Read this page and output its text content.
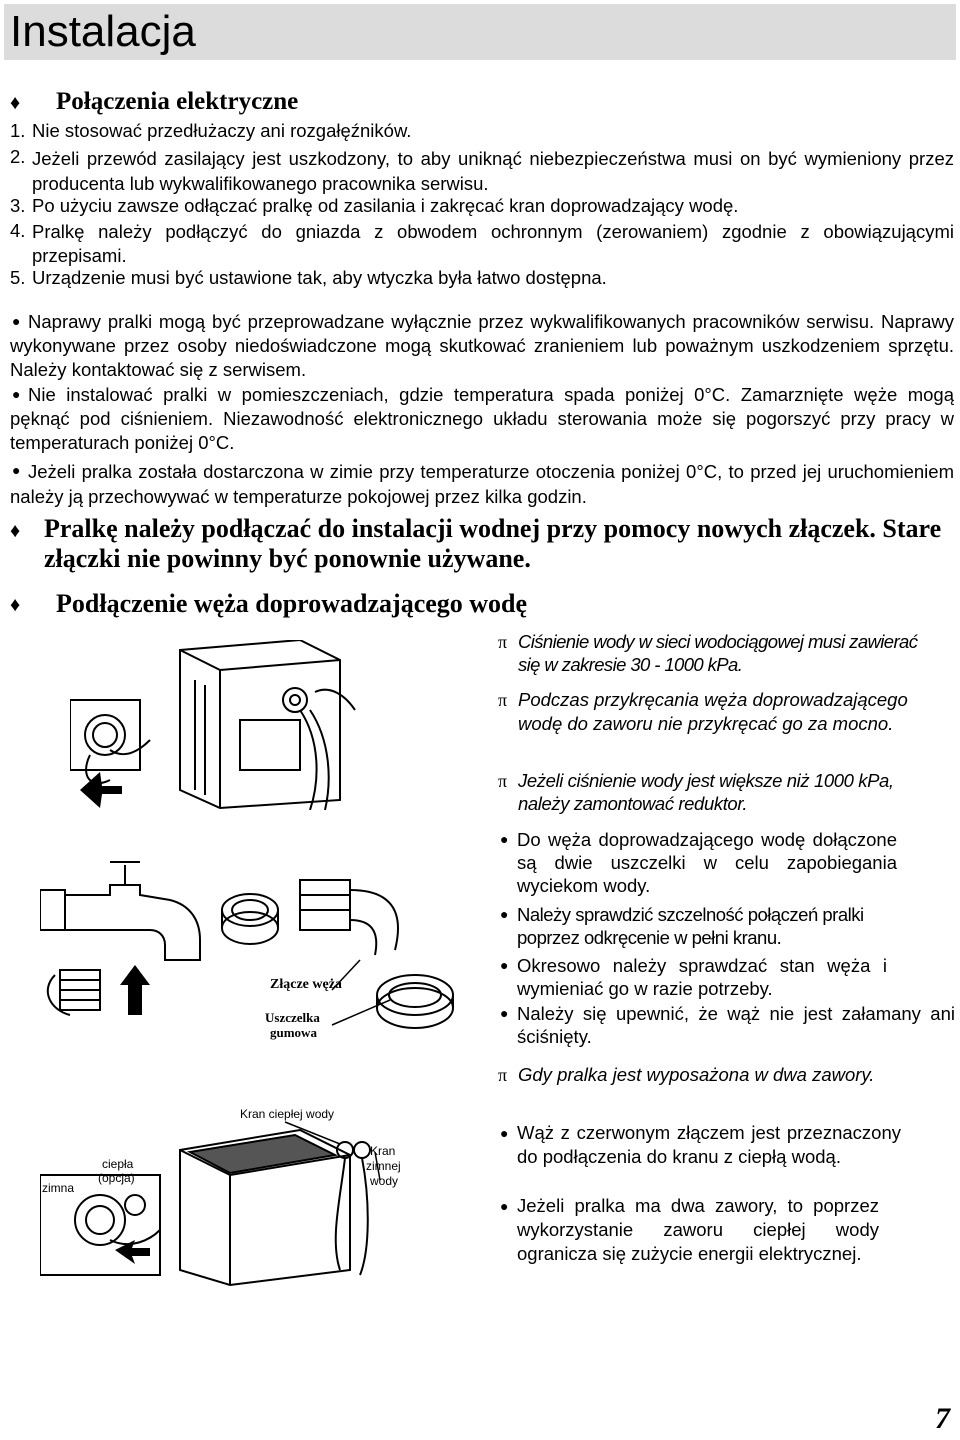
Instalacja
♦ Połączenia elektryczne
1. Nie stosować przedłużaczy ani rozgałęźników.
2. Jeżeli przewód zasilający jest uszkodzony, to aby uniknąć niebezpieczeństwa musi on być wymieniony przez producenta lub wykwalifikowanego pracownika serwisu.
3. Po użyciu zawsze odłączać pralkę od zasilania i zakręcać kran doprowadzający wodę.
4. Pralkę należy podłączyć do gniazda z obwodem ochronnym (zerowaniem) zgodnie z obowiązującymi przepisami.
5. Urządzenie musi być ustawione tak, aby wtyczka była łatwo dostępna.
● Naprawy pralki mogą być przeprowadzane wyłącznie przez wykwalifikowanych pracowników serwisu. Naprawy wykonywane przez osoby niedoświadczone mogą skutkować zranieniem lub poważnym uszkodzeniem sprzętu. Należy kontaktować się z serwisem.
● Nie instalować pralki w pomieszczeniach, gdzie temperatura spada poniżej 0°C. Zamarznięte węże mogą pęknąć pod ciśnieniem. Niezawodność elektronicznego układu sterowania może się pogorszyć przy pracy w temperaturach poniżej 0°C.
● Jeżeli pralka została dostarczona w zimie przy temperaturze otoczenia poniżej 0°C, to przed jej uruchomieniem należy ją przechowywać w temperaturze pokojowej przez kilka godzin.
♦ Pralkę należy podłączać do instalacji wodnej przy pomocy nowych złączek. Stare złączki nie powinny być ponownie używane.
♦ Podłączenie węża doprowadzającego wodę
π Ciśnienie wody w sieci wodociągowej musi zawierać się w zakresie 30 - 1000 kPa.
π Podczas przykręcania węża doprowadzającego wodę do zaworu nie przykręcać go za mocno.
π Jeżeli ciśnienie wody jest większe niż 1000 kPa, należy zamontować reduktor.
● Do węża doprowadzającego wodę dołączone są dwie uszczelki w celu zapobiegania wyciekom wody.
● Należy sprawdzić szczelność połączeń pralki poprzez odkręcenie w pełni kranu.
● Okresowo należy sprawdzać stan węża i wymieniać go w razie potrzeby.
● Należy się upewnić, że wąż nie jest załamany ani ściśnięty.
π Gdy pralka jest wyposażona w dwa zawory.
● Wąż z czerwonym złączem jest przeznaczony do podłączenia do kranu z ciepłą wodą.
● Jeżeli pralka ma dwa zawory, to poprzez wykorzystanie zaworu ciepłej wody ogranicza się zużycie energii elektrycznej.
Złącze węża
Uszczelka gumowa
Kran ciepłej wody
Kran zimnej wody
zimna
ciepła (opcja)
7
